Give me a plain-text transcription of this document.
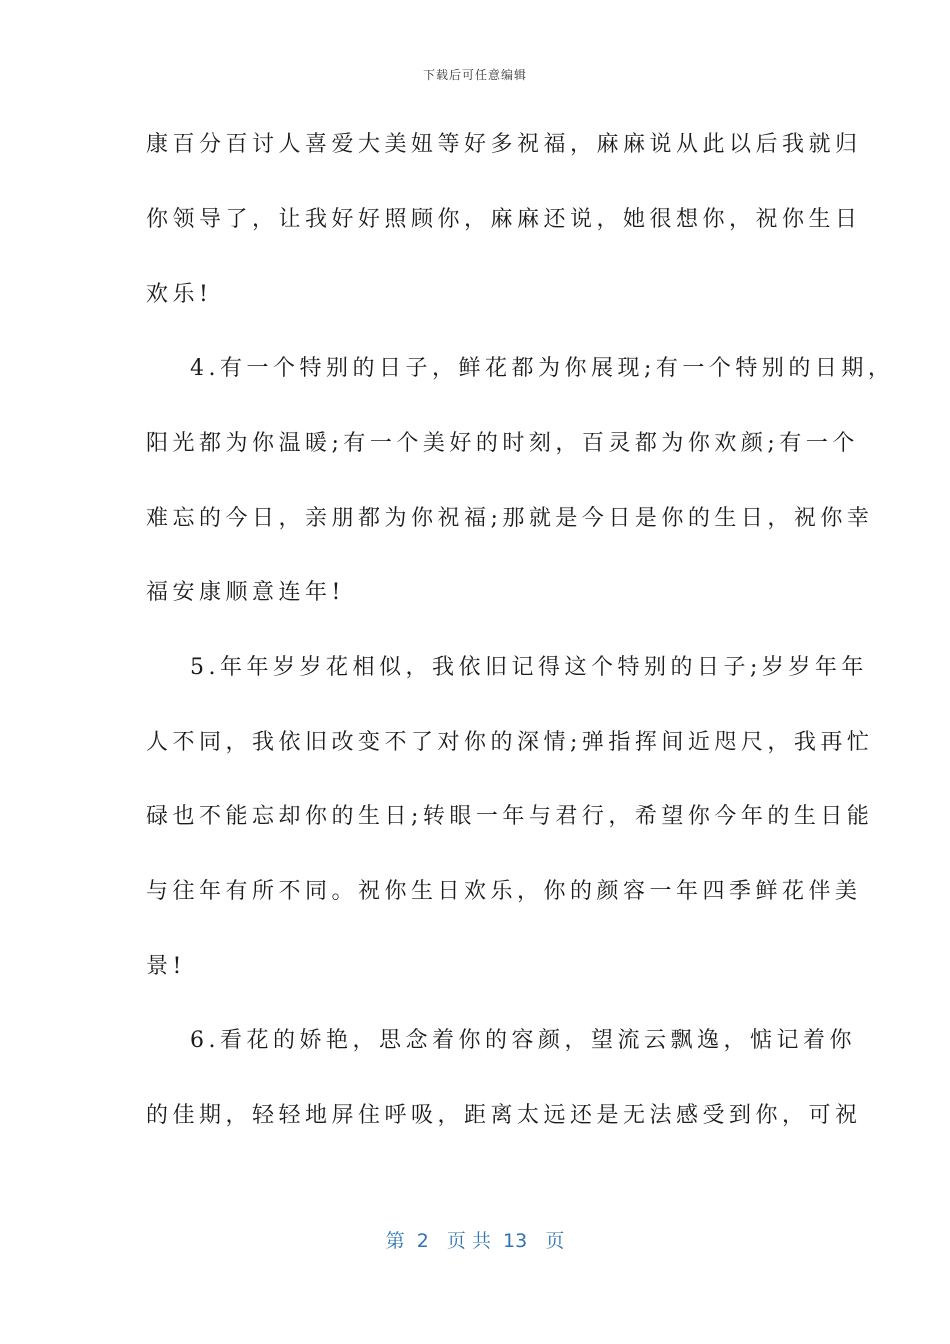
下载后可任意编辑
康百分百讨人喜爱大美妞等好多祝福，麻麻说从此以后我就归
你领导了，让我好好照顾你，麻麻还说，她很想你，祝你生日
欢乐!
4.有一个特别的日子，鲜花都为你展现;有一个特别的日期，
阳光都为你温暖;有一个美好的时刻，百灵都为你欢颜;有一个
难忘的今日，亲朋都为你祝福;那就是今日是你的生日，祝你幸
福安康顺意连年!
5.年年岁岁花相似，我依旧记得这个特别的日子;岁岁年年
人不同，我依旧改变不了对你的深情;弹指挥间近咫尺，我再忙
碌也不能忘却你的生日;转眼一年与君行，希望你今年的生日能
与往年有所不同。祝你生日欢乐，你的颜容一年四季鲜花伴美
景!
6.看花的娇艳，思念着你的容颜，望流云飘逸，惦记着你
的佳期，轻轻地屏住呼吸，距离太远还是无法感受到你，可祝
第  2   页 共  13   页
